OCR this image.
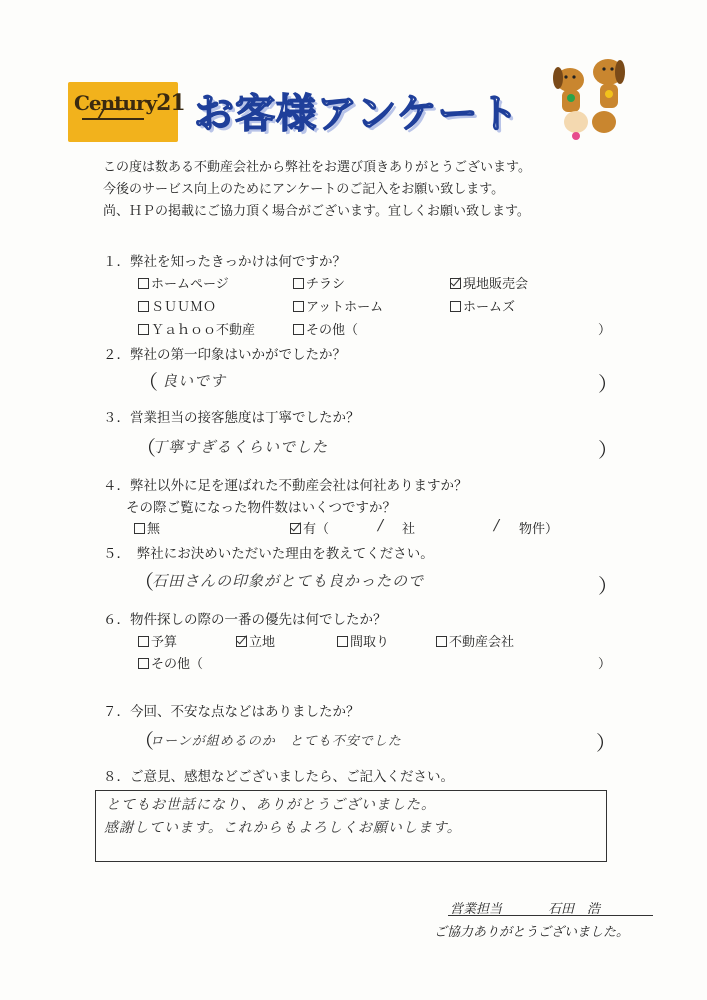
Century21 お客様アンケート
この度は数ある不動産会社から弊社をお選び頂きありがとうございます。
今後のサービス向上のためにアンケートのご記入をお願い致します。
尚、ＨＰの掲載にご協力頂く場合がございます。宜しくお願い致します。
１．弊社を知ったきっかけは何ですか？
ホームページ	チラシ	現地販売会
ＳＵＵＭＯ	アットホーム	ホームズ
Ｙａｈｏｏ不動産	その他（	）
２．弊社の第一印象はいかがでしたか？
（ 良いです	）
３．営業担当の接客態度は丁寧でしたか？
（
丁寧すぎるくらいでした	）
４．弊社以外に足を運ばれた不動産会社は何社ありますか？
その際ご覧になった物件数はいくつですか？
無	有（	/ 社	/ 物件）
５．　弊社にお決めいただいた理由を教えてください。
（
石田さんの印象がとても良かったので	）
６．物件探しの際の一番の優先は何でしたか？
予算	立地	間取り	不動産会社
その他（	）
７．今回、不安な点などはありましたか？
（
ローンが組めるのか　とても不安でした	）
８．ご意見、感想などございましたら、ご記入ください。
とてもお世話になり、ありがとうございました。
感謝しています。これからもよろしくお願いします。
営業担当	石田　浩
ご協力ありがとうございました。
